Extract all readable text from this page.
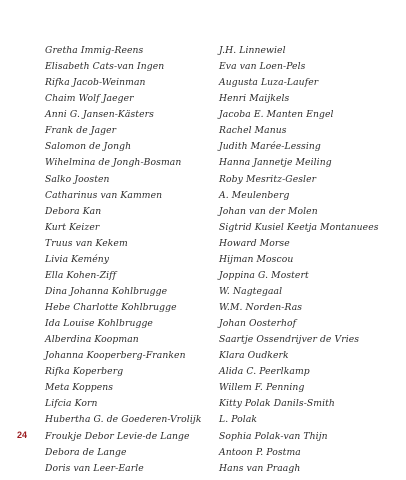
Gretha Immig-Reens
Elisabeth Cats-van Ingen
Rifka Jacob-Weinman
Chaim Wolf Jaeger
Anni G. Jansen-Kästers
Frank de Jager
Salomon de Jongh
Wihelmina de Jongh-Bosman
Salko Joosten
Catharinus van Kammen
Debora Kan
Kurt Keizer
Truus van Kekem
Livia Kemény
Ella Kohen-Ziff
Dina Johanna Kohlbrugge
Hebe Charlotte Kohlbrugge
Ida Louise Kohlbrugge
Alberdina Koopman
Johanna Kooperberg-Franken
Rifka Koperberg
Meta Koppens
Lifcia Korn
Hubertha G. de Goederen-Vrolijk
Froukje Debor Levie-de Lange
Debora de Lange
Doris van Leer-Earle
J.H. Linnewiel
Eva van Loen-Pels
Augusta Luza-Laufer
Henri Maijkels
Jacoba E. Manten Engel
Rachel Manus
Judith Marée-Lessing
Hanna Jannetje Meiling
Roby Mesritz-Gesler
A. Meulenberg
Johan van der Molen
Sigtrid Kusiel Keetja Montanuees
Howard Morse
Hijman Moscou
Joppina G. Mostert
W. Nagtegaal
W.M. Norden-Ras
Johan Oosterhof
Saartje Ossendrijver de Vries
Klara Oudkerk
Alida C. Peerlkamp
Willem F. Penning
Kitty Polak Danils-Smith
L. Polak
Sophia Polak-van Thijn
Antoon P. Postma
Hans van Praagh
24
